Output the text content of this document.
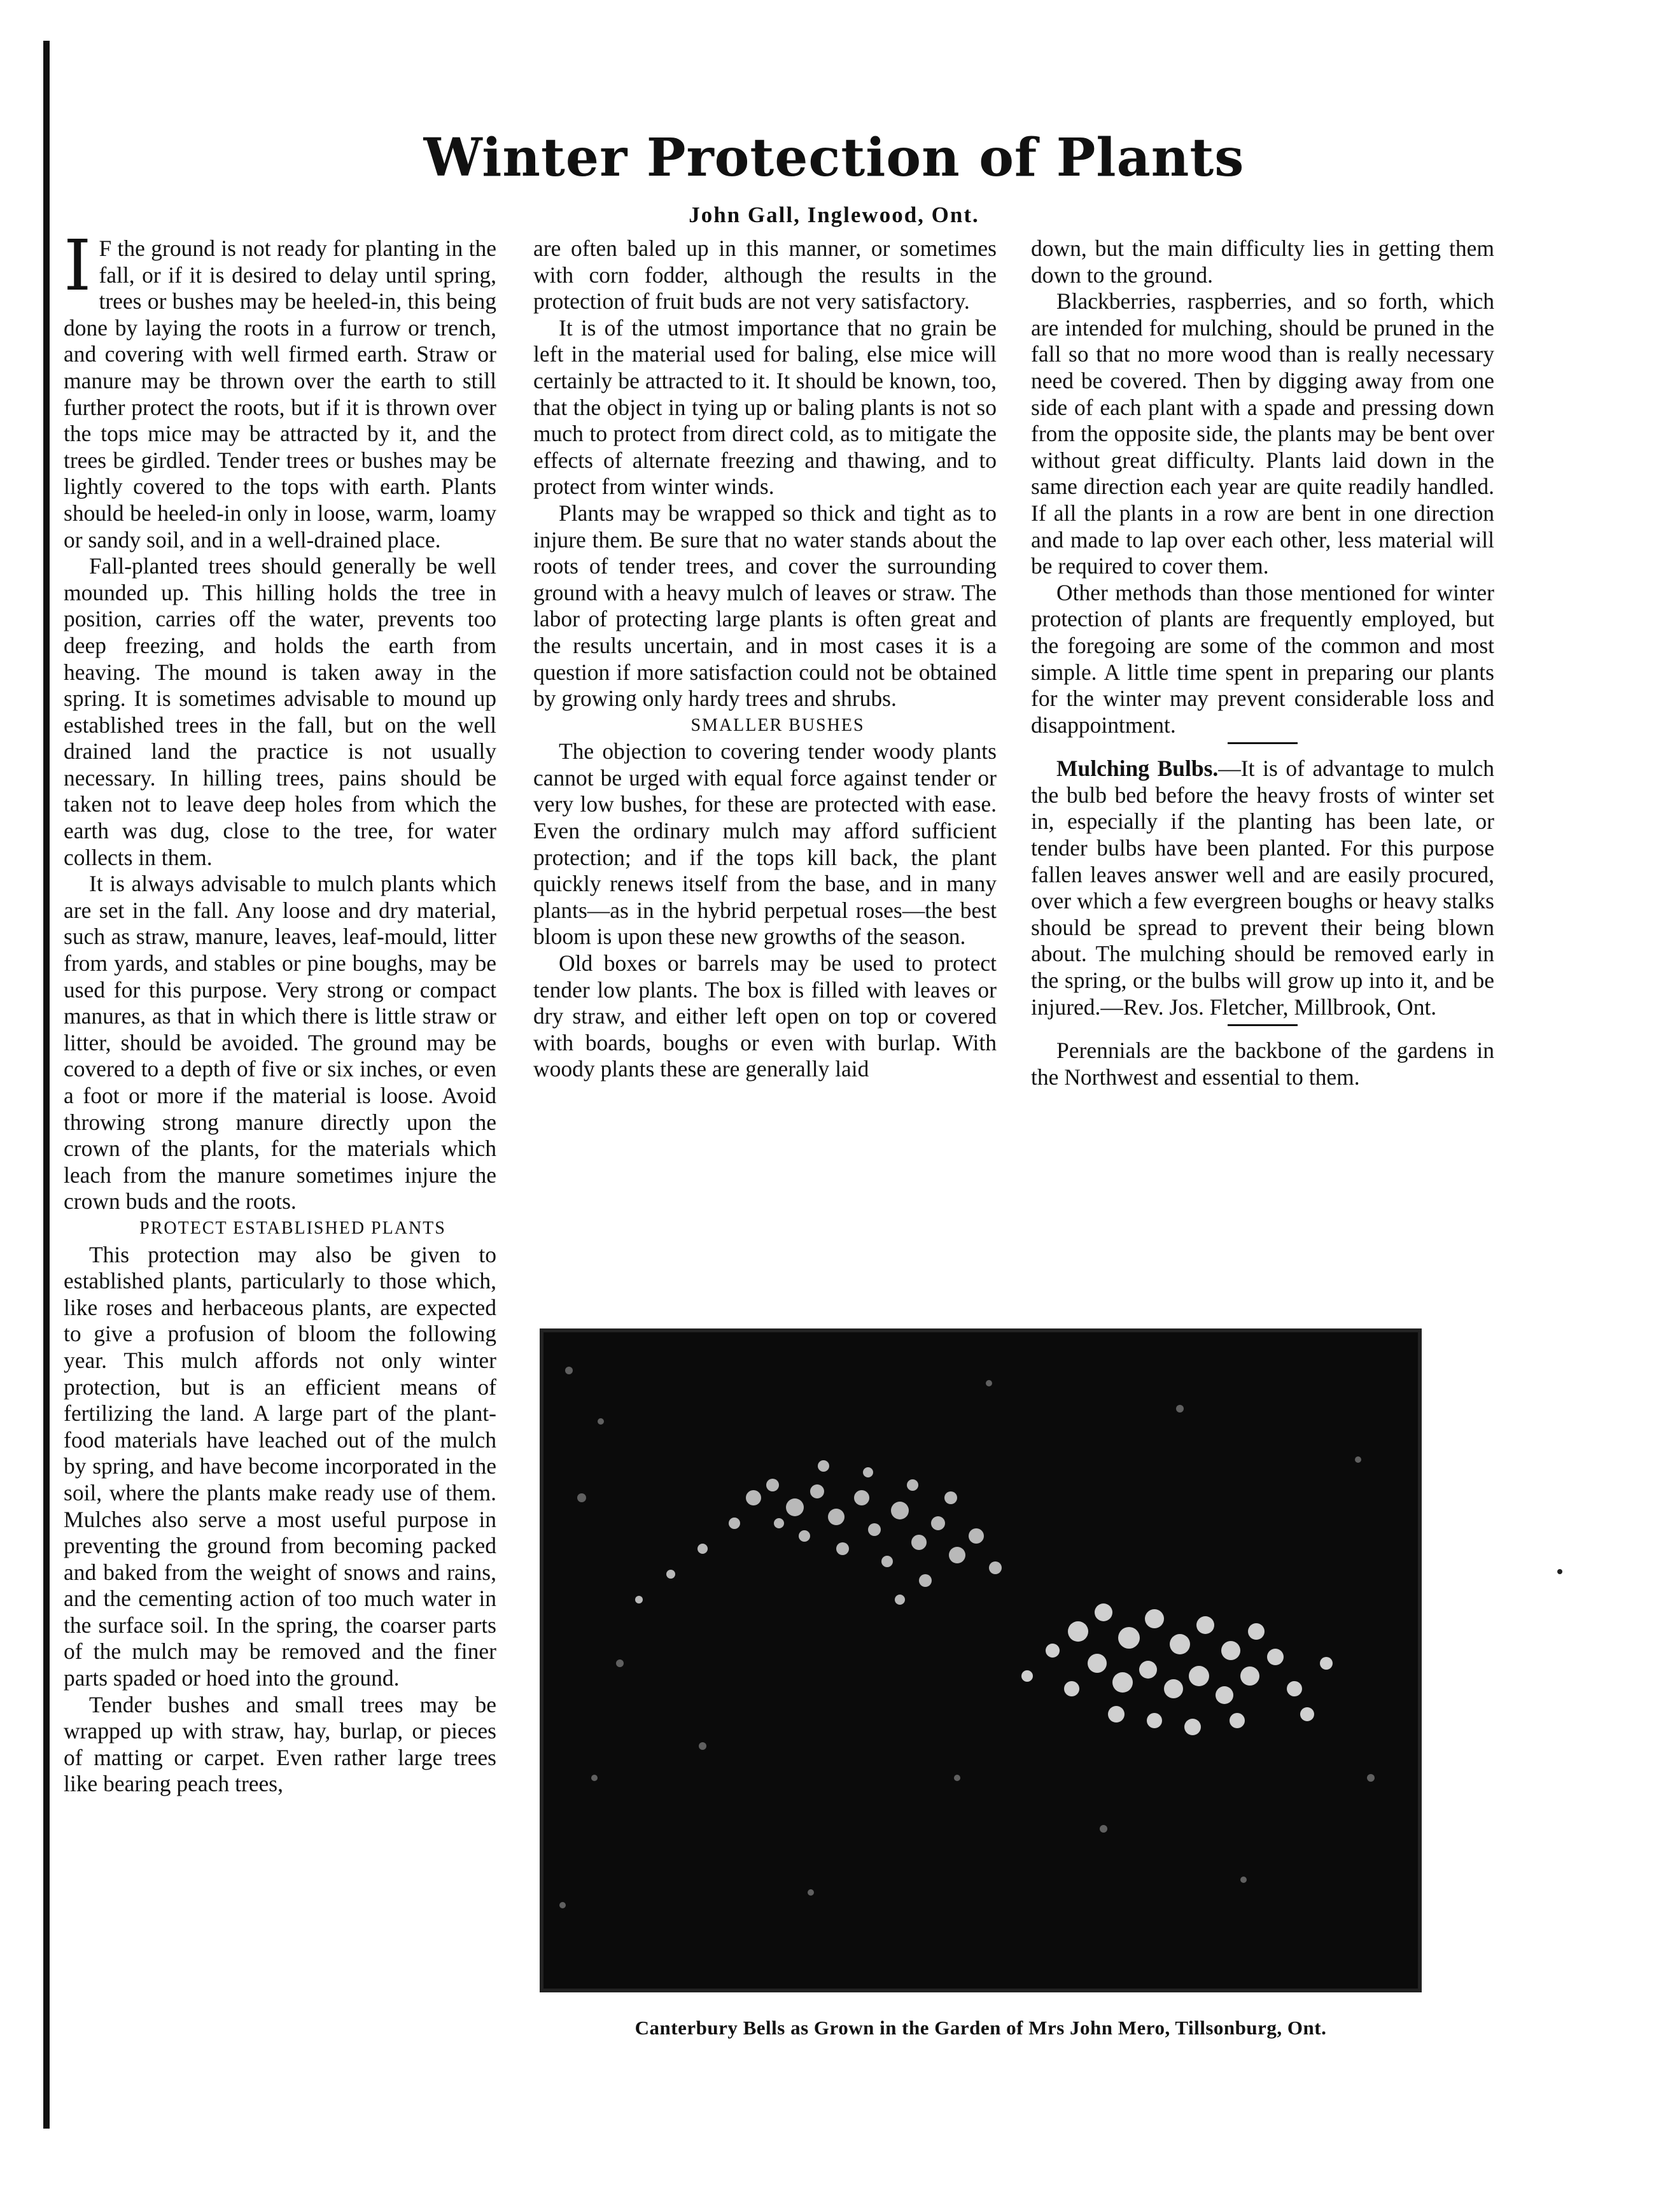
Winter Protection of Plants
John Gall, Inglewood, Ont.

I F the ground is not ready for planting in the fall, or if it is desired to delay until spring, trees or bushes may be heeled-in, this being done by laying the roots in a furrow or trench, and covering with well firmed earth. Straw or manure may be thrown over the earth to still further protect the roots, but if it is thrown over the tops mice may be attracted by it, and the trees be girdled. Tender trees or bushes may be lightly covered to the tops with earth. Plants should be heeled-in only in loose, warm, loamy or sandy soil, and in a well-drained place.

Fall-planted trees should generally be well mounded up. This hilling holds the tree in position, carries off the water, prevents too deep freezing, and holds the earth from heaving. The mound is taken away in the spring. It is sometimes advisable to mound up established trees in the fall, but on the well drained land the practice is not usually necessary. In hilling trees, pains should be taken not to leave deep holes from which the earth was dug, close to the tree, for water collects in them.

It is always advisable to mulch plants which are set in the fall. Any loose and dry material, such as straw, manure, leaves, leaf-mould, litter from yards, and stables or pine boughs, may be used for this purpose. Very strong or compact manures, as that in which there is little straw or litter, should be avoided. The ground may be covered to a depth of five or six inches, or even a foot or more if the material is loose. Avoid throwing strong manure directly upon the crown of the plants, for the materials which leach from the manure sometimes injure the crown buds and the roots.

PROTECT ESTABLISHED PLANTS

This protection may also be given to established plants, particularly to those which, like roses and herbaceous plants, are expected to give a profusion of bloom the following year. This mulch affords not only winter protection, but is an efficient means of fertilizing the land. A large part of the plant-food materials have leached out of the mulch by spring, and have become incorporated in the soil, where the plants make ready use of them. Mulches also serve a most useful purpose in preventing the ground from becoming packed and baked from the weight of snows and rains, and the cementing action of too much water in the surface soil. In the spring, the coarser parts of the mulch may be removed and the finer parts spaded or hoed into the ground.

Tender bushes and small trees may be wrapped up with straw, hay, burlap, or pieces of matting or carpet. Even rather large trees like bearing peach trees,

are often baled up in this manner, or sometimes with corn fodder, although the results in the protection of fruit buds are not very satisfactory.

It is of the utmost importance that no grain be left in the material used for baling, else mice will certainly be attracted to it. It should be known, too, that the object in tying up or baling plants is not so much to protect from direct cold, as to mitigate the effects of alternate freezing and thawing, and to protect from winter winds.

Plants may be wrapped so thick and tight as to injure them. Be sure that no water stands about the roots of tender trees, and cover the surrounding ground with a heavy mulch of leaves or straw. The labor of protecting large plants is often great and the results uncertain, and in most cases it is a question if more satisfaction could not be obtained by growing only hardy trees and shrubs.

SMALLER BUSHES

The objection to covering tender woody plants cannot be urged with equal force against tender or very low bushes, for these are protected with ease. Even the ordinary mulch may afford sufficient protection; and if the tops kill back, the plant quickly renews itself from the base, and in many plants—as in the hybrid perpetual roses—the best bloom is upon these new growths of the season.

Old boxes or barrels may be used to protect tender low plants. The box is filled with leaves or dry straw, and either left open on top or covered with boards, boughs or even with burlap. With woody plants these are generally laid

down, but the main difficulty lies in getting them down to the ground.

Blackberries, raspberries, and so forth, which are intended for mulching, should be pruned in the fall so that no more wood than is really necessary need be covered. Then by digging away from one side of each plant with a spade and pressing down from the opposite side, the plants may be bent over without great difficulty. Plants laid down in the same direction each year are quite readily handled. If all the plants in a row are bent in one direction and made to lap over each other, less material will be required to cover them.

Other methods than those mentioned for winter protection of plants are frequently employed, but the foregoing are some of the common and most simple. A little time spent in preparing our plants for the winter may prevent considerable loss and disappointment.

Mulching Bulbs.—It is of advantage to mulch the bulb bed before the heavy frosts of winter set in, especially if the planting has been late, or tender bulbs have been planted. For this purpose fallen leaves answer well and are easily procured, over which a few evergreen boughs or heavy stalks should be spread to prevent their being blown about. The mulching should be removed early in the spring, or the bulbs will grow up into it, and be injured.—Rev. Jos. Fletcher, Millbrook, Ont.

Perennials are the backbone of the gardens in the Northwest and essential to them.

Canterbury Bells as Grown in the Garden of Mrs John Mero, Tillsonburg, Ont.
